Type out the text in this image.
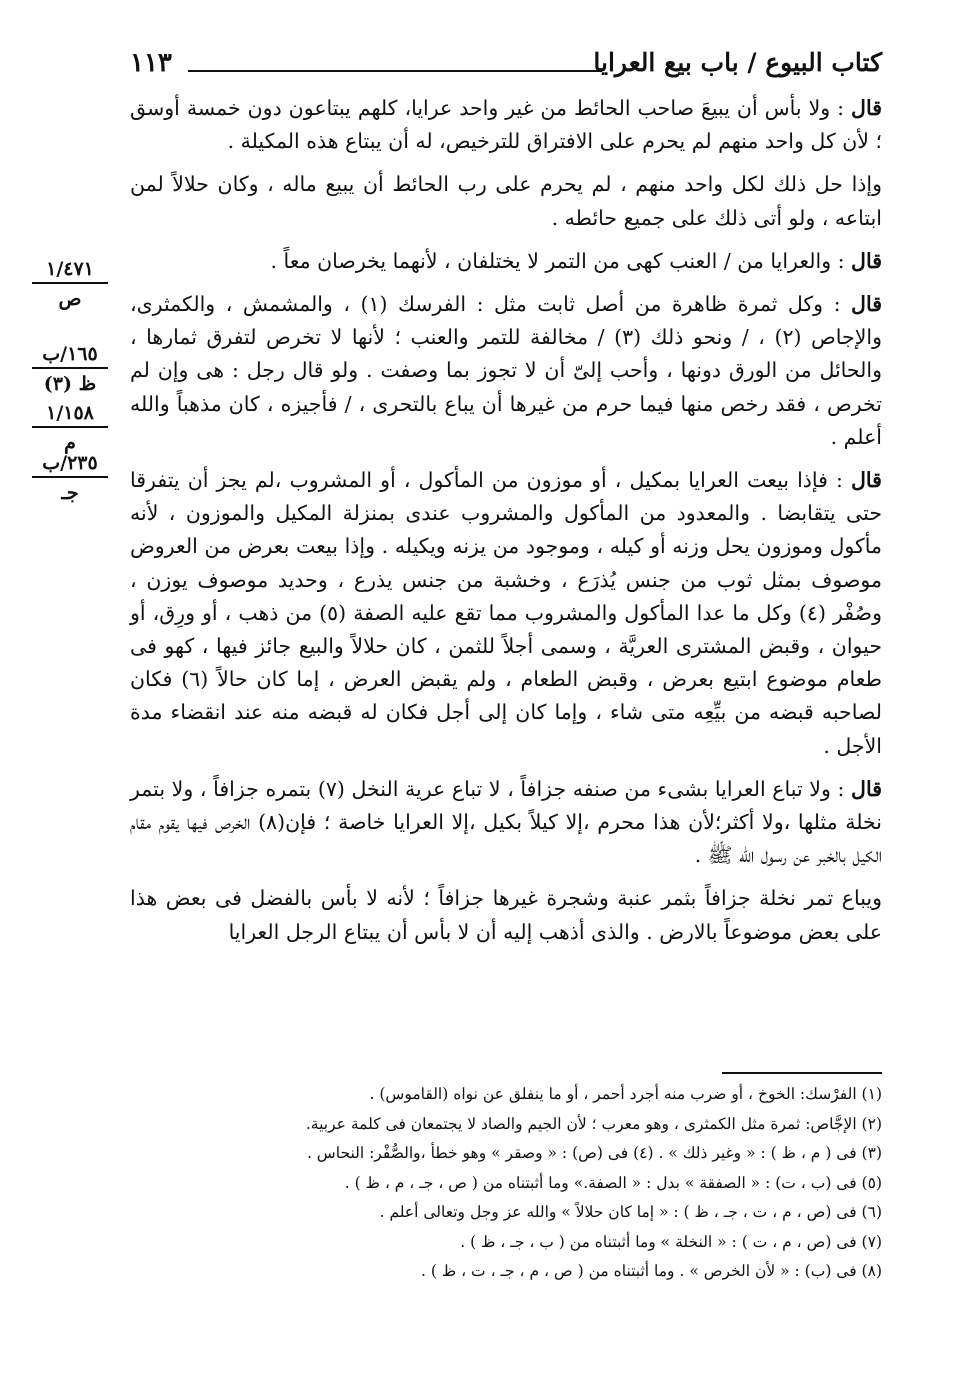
كتاب البيوع / باب بيع العرايا
١١٣

قال : ولا بأس أن يبيعَ صاحب الحائط من غير واحد عرايا، كلهم يبتاعون دون خمسة أوسق ؛ لأن كل واحد منهم لم يحرم على الافتراق للترخيص، له أن يبتاع هذه المكيلة .

وإذا حل ذلك لكل واحد منهم ، لم يحرم على رب الحائط أن يبيع ماله ، وكان حلالاً لمن ابتاعه ، ولو أتى ذلك على جميع حائطه .

قال : والعرايا من / العنب كهى من التمر لا يختلفان ، لأنهما يخرصان معاً .

قال : وكل ثمرة ظاهرة من أصل ثابت مثل : الفرسك (١) ، والمشمش ، والكمثرى، والإجاص (٢) ، / ونحو ذلك (٣) / مخالفة للتمر والعنب ؛ لأنها لا تخرص لتفرق ثمارها ، والحائل من الورق دونها ، وأحب إلىّ أن لا تجوز بما وصفت . ولو قال رجل : هى وإن لم تخرص ، فقد رخص منها فيما حرم من غيرها أن يباع بالتحرى ، / فأجيزه ، كان مذهباً والله أعلم .

قال : فإذا بيعت العرايا بمكيل ، أو موزون من المأكول ، أو المشروب ،لم يجز أن يتفرقا حتى يتقابضا . والمعدود من المأكول والمشروب عندى بمنزلة المكيل والموزون ، لأنه مأكول وموزون يحل وزنه أو كيله ، وموجود من يزنه ويكيله . وإذا بيعت بعرض من العروض موصوف بمثل ثوب من جنس يُذرَع ، وخشبة من جنس يذرع ، وحديد موصوف يوزن ، وصُفْر (٤) وكل ما عدا المأكول والمشروب مما تقع عليه الصفة (٥) من ذهب ، أو ورِق، أو حيوان ، وقبض المشترى العريَّة ، وسمى أجلاً للثمن ، كان حلالاً والبيع جائز فيها ، كهو فى طعام موضوع ابتيع بعرض ، وقبض الطعام ، ولم يقبض العرض ، إما كان حالاً (٦) فكان لصاحبه قبضه من بيِّعِه متى شاء ، وإما كان إلى أجل فكان له قبضه منه عند انقضاء مدة الأجل .

قال : ولا تباع العرايا بشىء من صنفه جزافاً ، لا تباع عرية النخل (٧) بتمره جزافاً ، ولا بتمر نخلة مثلها ،ولا أكثر؛لأن هذا محرم ،إلا كيلاً بكيل ،إلا العرايا خاصة ؛ فإن(٨) الخرص فيها يقوم مقام الكيل بالخبر عن رسول الله ﷺ .

ويباع تمر نخلة جزافاً بثمر عنبة وشجرة غيرها جزافاً ؛ لأنه لا بأس بالفضل فى بعض هذا على بعض موضوعاً بالارض . والذى أذهب إليه أن لا بأس أن يبتاع الرجل العرايا

١/٤٧١
ص
١٦٥/ب
ظ (٣)
١/١٥٨
م
٢٣٥/ب
جـ
(١) الفرْسك: الخوخ ، أو ضرب منه أجرد أحمر ، أو ما ينفلق عن نواه (القاموس) .
(٢) الإجَّاص: ثمرة مثل الكمثرى ، وهو معرب ؛ لأن الجيم والصاد لا يجتمعان فى كلمة عربية.
(٣) فى ( م ، ظ ) : « وغير ذلك » . (٤) فى (ص) : « وصقر » وهو خطأ ،والصُّفْر: النحاس .
(٥) فى (ب ، ت) : « الصفقة » بدل : « الصفة.» وما أثبتناه من ( ص ، جـ ، م ، ظ ) .
(٦) فى (ص ، م ، ت ، جـ ، ظ ) : « إما كان حلالاً » والله عز وجل وتعالى أعلم .
(٧) فى (ص ، م ، ت ) : « النخلة » وما أثبتناه من ( ب ، جـ ، ظ ) .
(٨) فى (ب) : « لأن الخرص » . وما أثبتناه من ( ص ، م ، جـ ، ت ، ظ ) .
